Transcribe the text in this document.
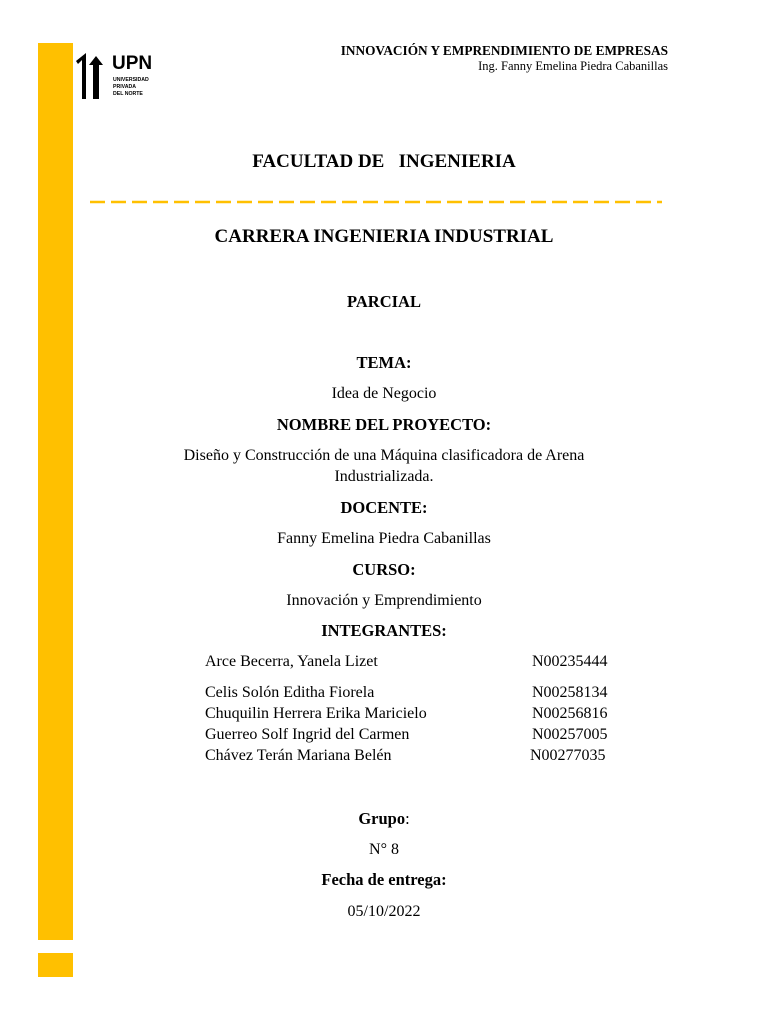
UPN
UNIVERSIDAD
PRIVADA
DEL NORTE
INNOVACIÓN Y EMPRENDIMIENTO DE EMPRESAS
Ing. Fanny Emelina Piedra Cabanillas
FACULTAD DE   INGENIERIA
CARRERA INGENIERIA INDUSTRIAL
PARCIAL
TEMA:
Idea de Negocio
NOMBRE DEL PROYECTO:
Diseño y Construcción de una Máquina clasificadora de Arena
Industrializada.
DOCENTE:
Fanny Emelina Piedra Cabanillas
CURSO:
Innovación y Emprendimiento
INTEGRANTES:
Arce Becerra, Yanela Lizet	N00235444
Celis Solón Editha Fiorela	N00258134
Chuquilin Herrera Erika Maricielo	N00256816
Guerreo Solf Ingrid del Carmen	N00257005
Chávez Terán Mariana Belén	N00277035
Grupo:
N° 8
Fecha de entrega:
05/10/2022
